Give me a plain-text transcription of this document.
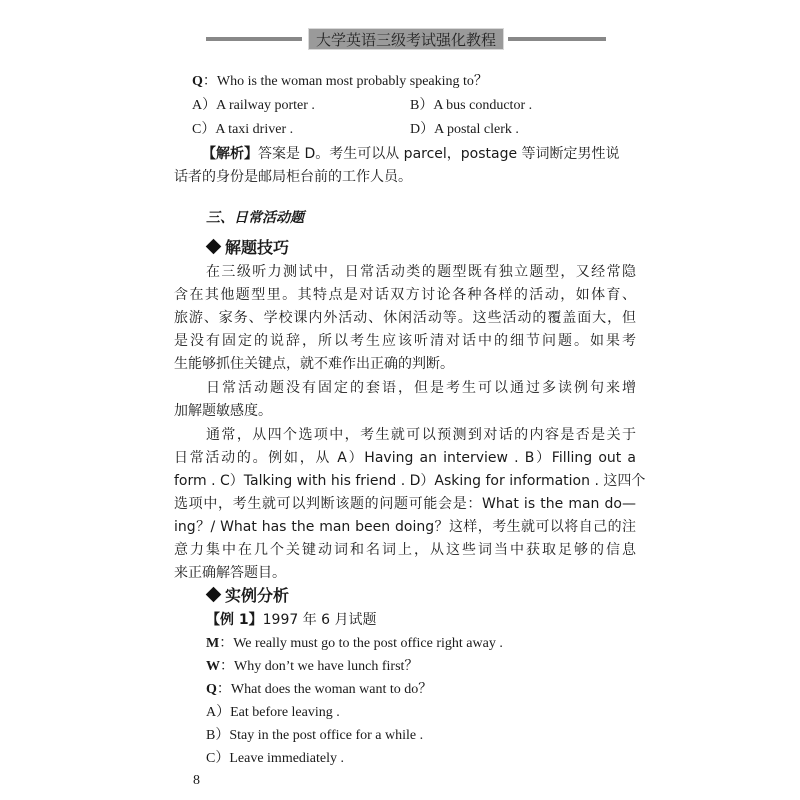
大学英语三级考试强化教程
Q：Who is the woman most probably speaking to？
A）A railway porter .	B）A bus conductor .
C）A taxi driver .	D）A postal clerk .
【解析】答案是 D。考生可以从 parcel，postage 等词断定男性说
话者的身份是邮局柜台前的工作人员。
三、日常活动题
解题技巧
在三级听力测试中，日常活动类的题型既有独立题型，又经常隐
含在其他题型里。其特点是对话双方讨论各种各样的活动，如体育、
旅游、家务、学校课内外活动、休闲活动等。这些活动的覆盖面大，但
是没有固定的说辞，所以考生应该听清对话中的细节问题。如果考
生能够抓住关键点，就不难作出正确的判断。
日常活动题没有固定的套语，但是考生可以通过多读例句来增
加解题敏感度。
通常，从四个选项中，考生就可以预测到对话的内容是否是关于
日常活动的。例如，从 A）Having an interview . B）Filling out a
form . C）Talking with his friend . D）Asking for information . 这四个
选项中，考生就可以判断该题的问题可能会是：What is the man do—
ing？/ What has the man been doing？这样，考生就可以将自己的注
意力集中在几个关键动词和名词上，从这些词当中获取足够的信息
来正确解答题目。
实例分析
【例 1】1997 年 6 月试题
M：We really must go to the post office right away .
W：Why don’t we have lunch first？
Q：What does the woman want to do？
A）Eat before leaving .
B）Stay in the post office for a while .
C）Leave immediately .
8
